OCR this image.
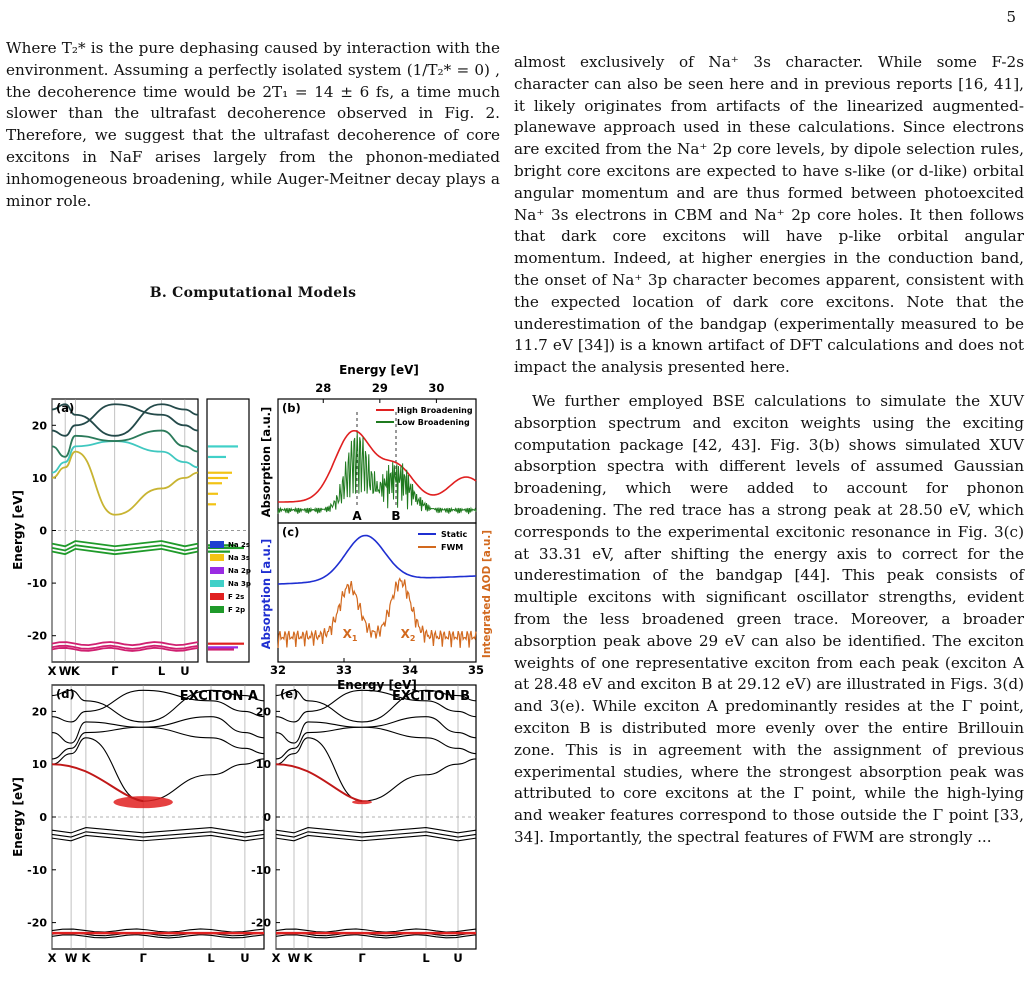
5

Where T₂* is the pure dephasing caused by interaction with the environment. Assuming a perfectly isolated system (1/T₂* = 0) , the decoherence time would be 2T₁ = 14 ± 6 fs, a time much slower than the ultrafast decoherence observed in Fig. 2. Therefore, we suggest that the ultrafast decoherence of core excitons in NaF arises largely from the phonon-mediated inhomogeneous broadening, while Auger-Meitner decay plays a minor role.

B. Computational Models

almost exclusively of Na⁺ 3s character. While some F-2s character can also be seen here and in previous reports [16, 41], it likely originates from artifacts of the linearized augmented-planewave approach used in these calculations. Since electrons are excited from the Na⁺ 2p core levels, by dipole selection rules, bright core excitons are expected to have s-like (or d-like) orbital angular momentum and are thus formed between photoexcited Na⁺ 3s electrons in CBM and Na⁺ 2p core holes. It then follows that dark core excitons will have p-like orbital angular momentum. Indeed, at higher energies in the conduction band, the onset of Na⁺ 3p character becomes apparent, consistent with the expected location of dark core excitons. Note that the underestimation of the bandgap (experimentally measured to be 11.7 eV [34]) is a known artifact of DFT calculations and does not impact the analysis presented here.

We further employed BSE calculations to simulate the XUV absorption spectrum and exciton weights using the exciting computation package [42, 43]. Fig. 3(b) shows simulated XUV absorption spectra with different levels of assumed Gaussian broadening, which were added to account for phonon broadening. The red trace has a strong peak at 28.50 eV, which corresponds to the experimental excitonic resonance in Fig. 3(c) at 33.31 eV, after shifting the energy axis to correct for the underestimation of the bandgap [44]. This peak consists of multiple excitons with significant oscillator strengths, evident from the less broadened green trace. Moreover, a broader absorption peak above 29 eV can also be identified. The exciton weights of one representative exciton from each peak (exciton A at 28.48 eV and exciton B at 29.12 eV) are illustrated in Figs. 3(d) and 3(e). While exciton A predominantly resides at the Γ point, exciton B is distributed more evenly over the entire Brillouin zone. This is in agreement with the assignment of previous experimental studies, where the strongest absorption peak was attributed to core excitons at the Γ point, while the high-lying and weaker features correspond to those outside the Γ point [33, 34]. Importantly, the spectral features of FWM are strongly ...

Energy [eV]
28	29	30
X W K	Γ	L U
20
10
0
-10
-20
Na 2s
Na 3s
Na 2p
Na 3p
F 2s
F 2p
X W K	Γ	L U
20
10
0
-10
-20
X W K	Γ	L U
20
10
0
-10
-20
Energy [eV]
Energy [eV]
Absorption [a.u.]
Absorption [a.u.]	Integrated ΔOD [a.u.]
Energy [eV]
32	33	34	35
(a)	(b)
(c)
(d)	(e)
EXCITON A	EXCITON B
High Broadening
Low Broadening
A B
Static
FWM
$X_1$	$X_2$
